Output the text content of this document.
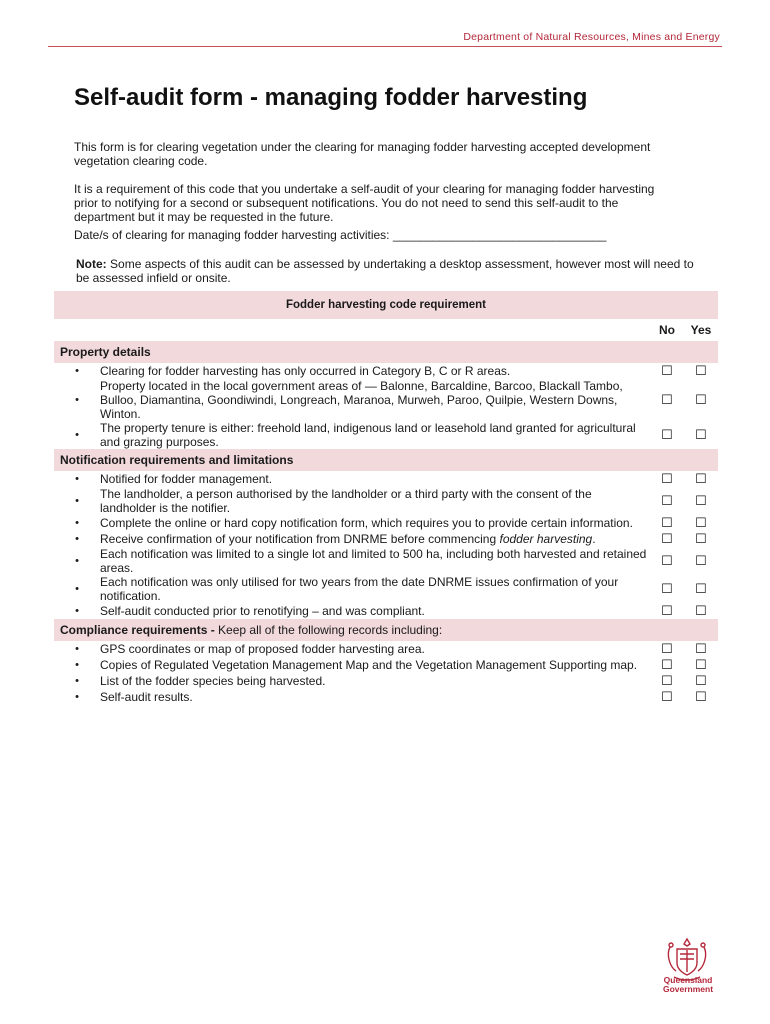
Department of Natural Resources, Mines and Energy
Self-audit form - managing fodder harvesting
This form is for clearing vegetation under the clearing for managing fodder harvesting accepted development vegetation clearing code.
It is a requirement of this code that you undertake a self-audit of your clearing for managing fodder harvesting prior to notifying for a second or subsequent notifications. You do not need to send this self-audit to the department but it may be requested in the future.
Date/s of clearing for managing fodder harvesting activities: ________________________________
Note: Some aspects of this audit can be assessed by undertaking a desktop assessment, however most will need to be assessed infield or onsite.
Fodder harvesting code requirement			
		No	Yes
Property details			
•	Clearing for fodder harvesting has only occurred in Category B, C or R areas.	☐	☐
•	Property located in the local government areas of — Balonne, Barcaldine, Barcoo, Blackall Tambo, Bulloo, Diamantina, Goondiwindi, Longreach, Maranoa, Murweh, Paroo, Quilpie, Western Downs, Winton.	☐	☐
•	The property tenure is either: freehold land, indigenous land or leasehold land granted for agricultural and grazing purposes.	☐	☐
Notification requirements and limitations			
•	Notified for fodder management.	☐	☐
•	The landholder, a person authorised by the landholder or a third party with the consent of the landholder is the notifier.	☐	☐
•	Complete the online or hard copy notification form, which requires you to provide certain information.	☐	☐
•	Receive confirmation of your notification from DNRME before commencing fodder harvesting.	☐	☐
•	Each notification was limited to a single lot and limited to 500 ha, including both harvested and retained areas.	☐	☐
•	Each notification was only utilised for two years from the date DNRME issues confirmation of your notification.	☐	☐
•	Self-audit conducted prior to renotifying – and was compliant.	☐	☐
Compliance requirements - Keep all of the following records including:			
•	GPS coordinates or map of proposed fodder harvesting area.	☐	☐
•	Copies of Regulated Vegetation Management Map and the Vegetation Management Supporting map.	☐	☐
•	List of the fodder species being harvested.	☐	☐
•	Self-audit results.	☐	☐
Queensland Government
